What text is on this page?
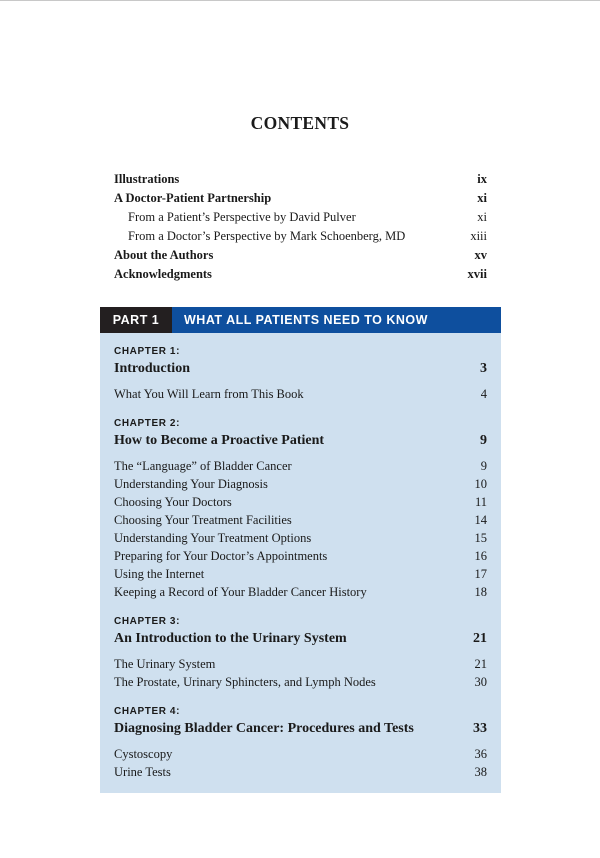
CONTENTS
Illustrations	ix
A Doctor-Patient Partnership	xi
From a Patient’s Perspective by David Pulver	xi
From a Doctor’s Perspective by Mark Schoenberg, MD	xiii
About the Authors	xv
Acknowledgments	xvii
PART 1	WHAT ALL PATIENTS NEED TO KNOW
CHAPTER 1:
Introduction	3
What You Will Learn from This Book	4
CHAPTER 2:
How to Become a Proactive Patient	9
The “Language” of Bladder Cancer	9
Understanding Your Diagnosis	10
Choosing Your Doctors	11
Choosing Your Treatment Facilities	14
Understanding Your Treatment Options	15
Preparing for Your Doctor’s Appointments	16
Using the Internet	17
Keeping a Record of Your Bladder Cancer History	18
CHAPTER 3:
An Introduction to the Urinary System	21
The Urinary System	21
The Prostate, Urinary Sphincters, and Lymph Nodes	30
CHAPTER 4:
Diagnosing Bladder Cancer: Procedures and Tests	33
Cystoscopy	36
Urine Tests	38
